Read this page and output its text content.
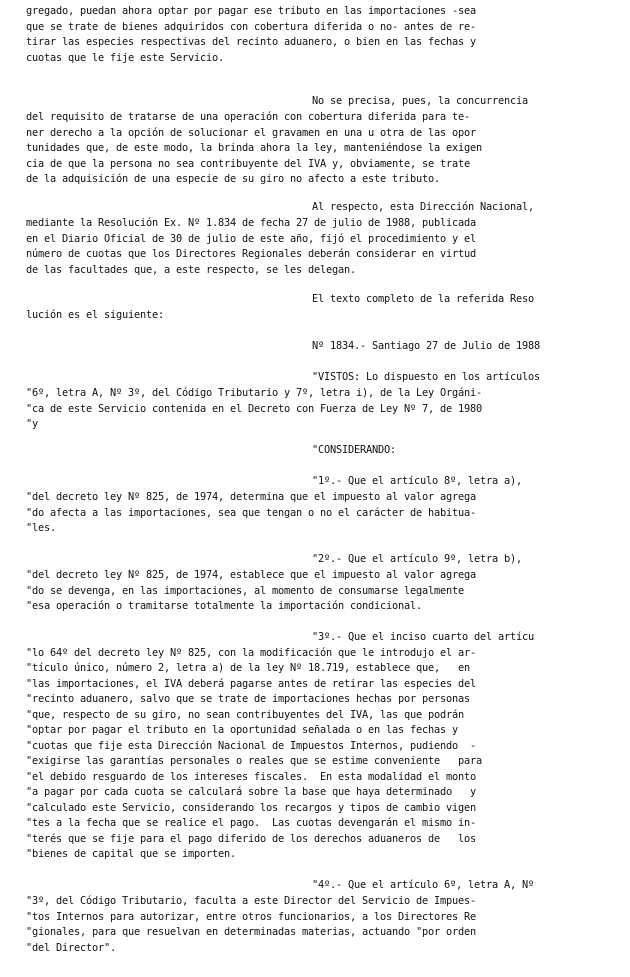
gregado, puedan ahora optar por pagar ese tributo en las importaciones -sea
que se trate de bienes adquiridos con cobertura diferida o no- antes de re-
tirar las especies respectivas del recinto aduanero, o bien en las fechas y
cuotas que le fije este Servicio.
No se precisa, pues, la concurrencia
del requisito de tratarse de una operación con cobertura diferida para te-
ner derecho a la opción de solucionar el gravamen en una u otra de las opor
tunidades que, de este modo, la brinda ahora la ley, manteniéndose la exigen
cia de que la persona no sea contribuyente del IVA y, obviamente, se trate
de la adquisición de una especie de su giro no afecto a este tributo.
Al respecto, esta Dirección Nacional,
mediante la Resolución Ex. Nº 1.834 de fecha 27 de julio de 1988, publicada
en el Diario Oficial de 30 de julio de este año, fijó el procedimiento y el
número de cuotas que los Directores Regionales deberán considerar en virtud
de las facultades que, a este respecto, se les delegan.
El texto completo de la referida Reso
lución es el siguiente:
Nº 1834.- Santiago 27 de Julio de 1988
"VISTOS: Lo dispuesto en los artículos
"6º, letra A, Nº 3º, del Código Tributario y 7º, letra i), de la Ley Orgáni-
"ca de este Servicio contenida en el Decreto con Fuerza de Ley Nº 7, de 1980
"y
"CONSIDERANDO:
"1º.- Que el artículo 8º, letra a),
"del decreto ley Nº 825, de 1974, determina que el impuesto al valor agrega
"do afecta a las importaciones, sea que tengan o no el carácter de habitua-
"les.
"2º.- Que el artículo 9º, letra b),
"del decreto ley Nº 825, de 1974, establece que el impuesto al valor agrega
"do se devenga, en las importaciones, al momento de consumarse legalmente
"esa operación o tramitarse totalmente la importación condicional.
"3º.- Que el inciso cuarto del artícu
"lo 64º del decreto ley Nº 825, con la modificación que le introdujo el ar-
"tículo único, número 2, letra a) de la ley Nº 18.719, establece que,   en
"las importaciones, el IVA deberá pagarse antes de retirar las especies del
"recinto aduanero, salvo que se trate de importaciones hechas por personas
"que, respecto de su giro, no sean contribuyentes del IVA, las que podrán
"optar por pagar el tributo en la oportunidad señalada o en las fechas y
"cuotas que fije esta Dirección Nacional de Impuestos Internos, pudiendo  -
"exigirse las garantías personales o reales que se estime conveniente   para
"el debido resguardo de los intereses fiscales.  En esta modalidad el monto
"a pagar por cada cuota se calculará sobre la base que haya determinado   y
"calculado este Servicio, considerando los recargos y tipos de cambio vigen
"tes a la fecha que se realice el pago.  Las cuotas devengarán el mismo in-
"terés que se fije para el pago diferido de los derechos aduaneros de   los
"bienes de capital que se importen.
"4º.- Que el artículo 6º, letra A, Nº
"3º, del Código Tributario, faculta a este Director del Servicio de Impues-
"tos Internos para autorizar, entre otros funcionarios, a los Directores Re
"gionales, para que resuelvan en determinadas materias, actuando "por orden
"del Director".
